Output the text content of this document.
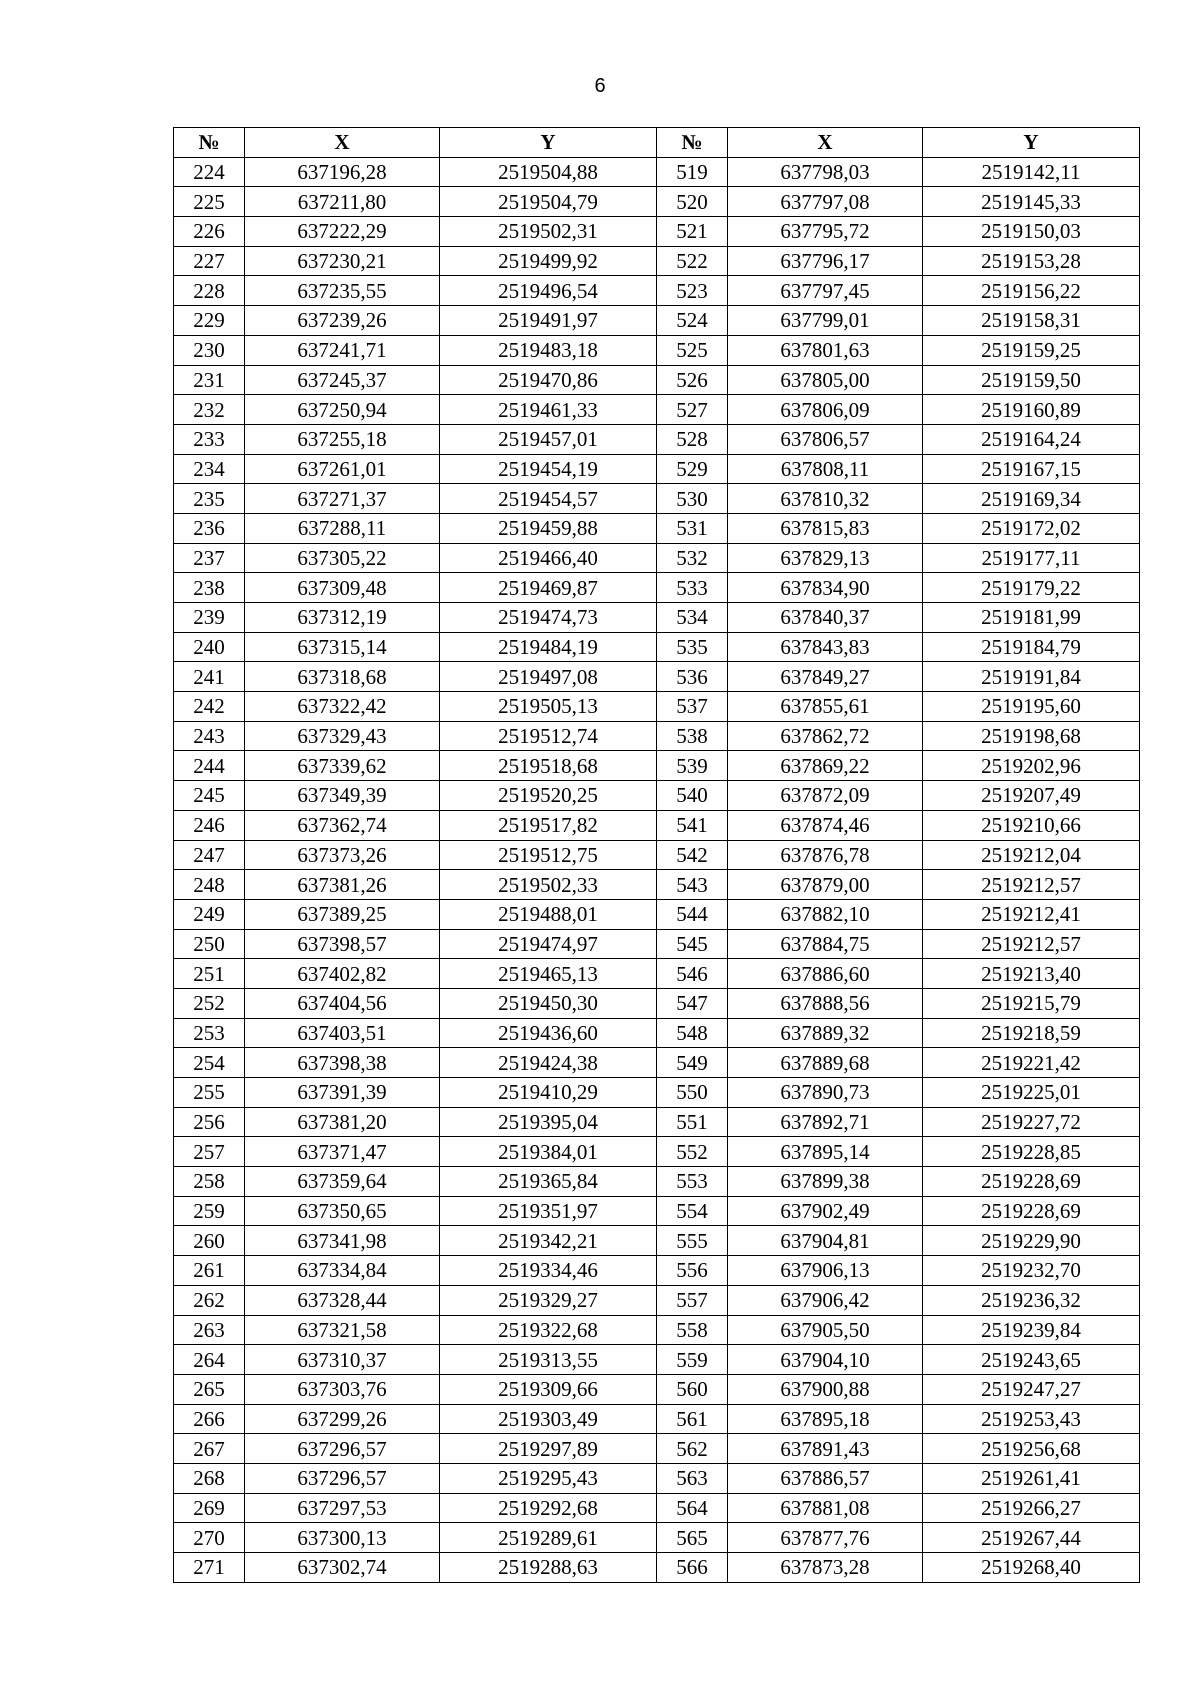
6
№	X	Y	№	X	Y
224	637196,28	2519504,88	519	637798,03	2519142,11
225	637211,80	2519504,79	520	637797,08	2519145,33
226	637222,29	2519502,31	521	637795,72	2519150,03
227	637230,21	2519499,92	522	637796,17	2519153,28
228	637235,55	2519496,54	523	637797,45	2519156,22
229	637239,26	2519491,97	524	637799,01	2519158,31
230	637241,71	2519483,18	525	637801,63	2519159,25
231	637245,37	2519470,86	526	637805,00	2519159,50
232	637250,94	2519461,33	527	637806,09	2519160,89
233	637255,18	2519457,01	528	637806,57	2519164,24
234	637261,01	2519454,19	529	637808,11	2519167,15
235	637271,37	2519454,57	530	637810,32	2519169,34
236	637288,11	2519459,88	531	637815,83	2519172,02
237	637305,22	2519466,40	532	637829,13	2519177,11
238	637309,48	2519469,87	533	637834,90	2519179,22
239	637312,19	2519474,73	534	637840,37	2519181,99
240	637315,14	2519484,19	535	637843,83	2519184,79
241	637318,68	2519497,08	536	637849,27	2519191,84
242	637322,42	2519505,13	537	637855,61	2519195,60
243	637329,43	2519512,74	538	637862,72	2519198,68
244	637339,62	2519518,68	539	637869,22	2519202,96
245	637349,39	2519520,25	540	637872,09	2519207,49
246	637362,74	2519517,82	541	637874,46	2519210,66
247	637373,26	2519512,75	542	637876,78	2519212,04
248	637381,26	2519502,33	543	637879,00	2519212,57
249	637389,25	2519488,01	544	637882,10	2519212,41
250	637398,57	2519474,97	545	637884,75	2519212,57
251	637402,82	2519465,13	546	637886,60	2519213,40
252	637404,56	2519450,30	547	637888,56	2519215,79
253	637403,51	2519436,60	548	637889,32	2519218,59
254	637398,38	2519424,38	549	637889,68	2519221,42
255	637391,39	2519410,29	550	637890,73	2519225,01
256	637381,20	2519395,04	551	637892,71	2519227,72
257	637371,47	2519384,01	552	637895,14	2519228,85
258	637359,64	2519365,84	553	637899,38	2519228,69
259	637350,65	2519351,97	554	637902,49	2519228,69
260	637341,98	2519342,21	555	637904,81	2519229,90
261	637334,84	2519334,46	556	637906,13	2519232,70
262	637328,44	2519329,27	557	637906,42	2519236,32
263	637321,58	2519322,68	558	637905,50	2519239,84
264	637310,37	2519313,55	559	637904,10	2519243,65
265	637303,76	2519309,66	560	637900,88	2519247,27
266	637299,26	2519303,49	561	637895,18	2519253,43
267	637296,57	2519297,89	562	637891,43	2519256,68
268	637296,57	2519295,43	563	637886,57	2519261,41
269	637297,53	2519292,68	564	637881,08	2519266,27
270	637300,13	2519289,61	565	637877,76	2519267,44
271	637302,74	2519288,63	566	637873,28	2519268,40
